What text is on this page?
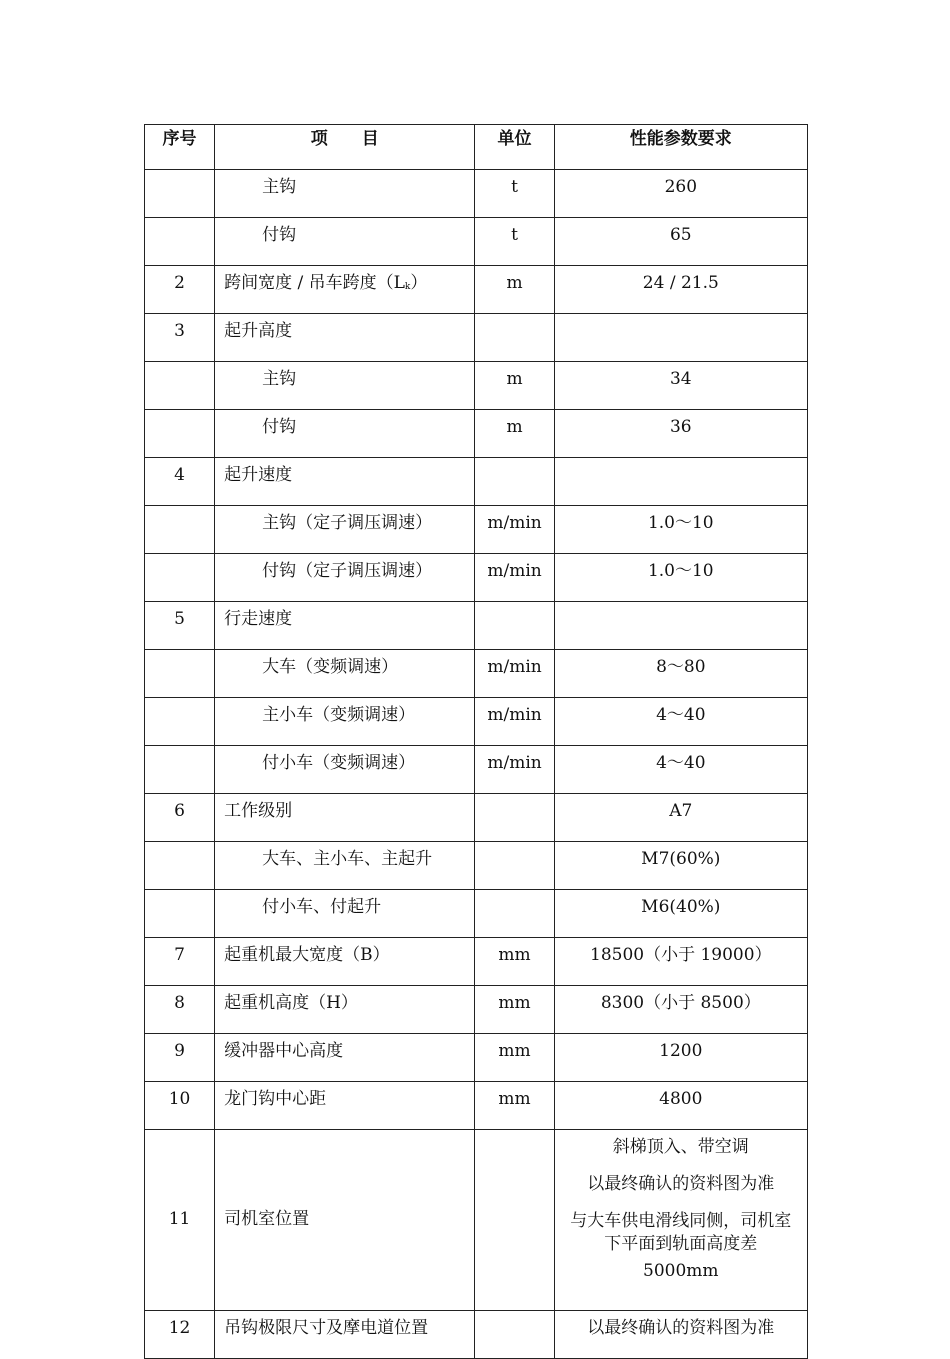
序号	项　　目	单位	性能参数要求
	主钩	t	260
	付钩	t	65
2	跨间宽度 / 吊车跨度$(L_k)$	m	24 / 21.5
3	起升高度		
	主钩	m	34
	付钩	m	36
4	起升速度		
	主钩（定子调压调速）	m/min	1.0～10
	付钩（定子调压调速）	m/min	1.0～10
5	行走速度		
	大车（变频调速）	m/min	8～80
	主小车（变频调速）	m/min	4～40
	付小车（变频调速）	m/min	4～40
6	工作级别		A7
	大车、主小车、主起升		M7(60%)
	付小车、付起升		M6(40%)
7	起重机最大宽度（B）	mm	18500（小于 19000）
8	起重机高度（H）	mm	8300（小于 8500）
9	缓冲器中心高度	mm	1200
10	龙门钩中心距	mm	4800
11	司机室位置		斜梯顶入、带空调
以最终确认的资料图为准
与大车供电滑线同侧，司机室下平面到轨面高度差
5000mm

12	吊钩极限尺寸及摩电道位置		以最终确认的资料图为准
